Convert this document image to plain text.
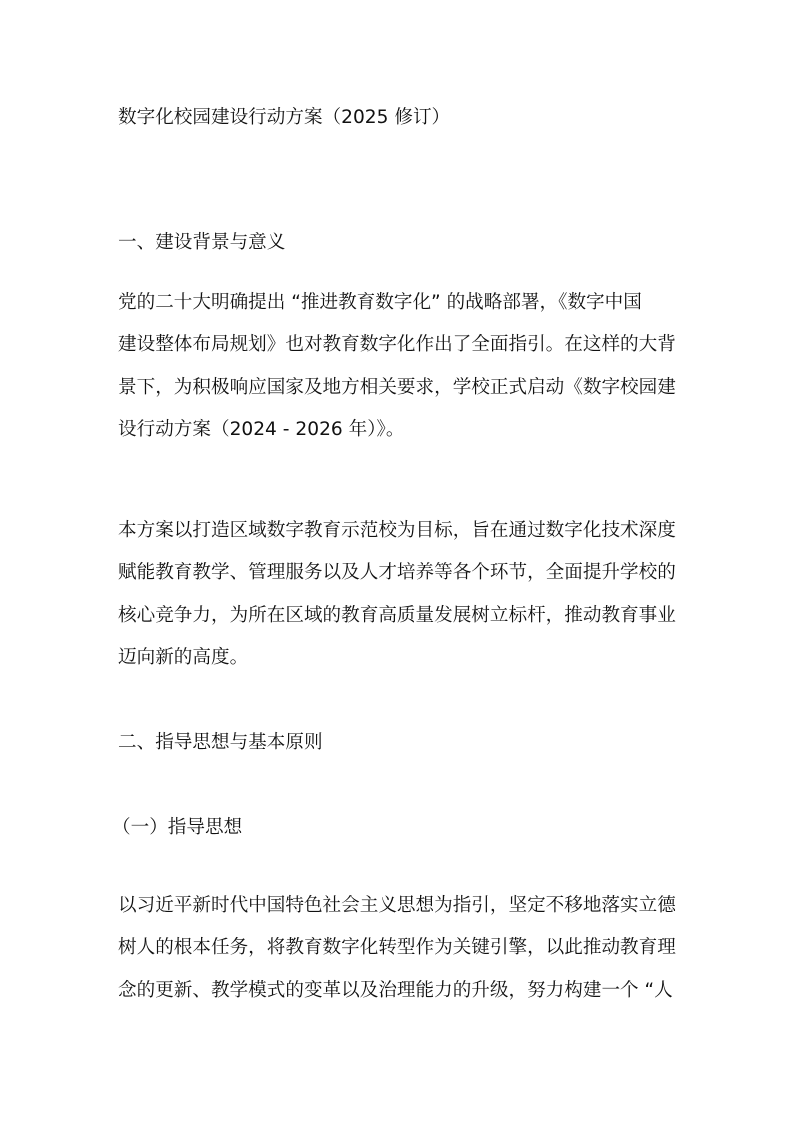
数字化校园建设行动方案（2025 修订）
一、建设背景与意义
党的二十大明确提出 “推进教育数字化” 的战略部署，《数字中国
建设整体布局规划》也对教育数字化作出了全面指引。在这样的大背
景下，为积极响应国家及地方相关要求，学校正式启动《数字校园建
设行动方案（2024 - 2026 年）》。
本方案以打造区域数字教育示范校为目标，旨在通过数字化技术深度
赋能教育教学、管理服务以及人才培养等各个环节，全面提升学校的
核心竞争力，为所在区域的教育高质量发展树立标杆，推动教育事业
迈向新的高度。
二、指导思想与基本原则
（一）指导思想
以习近平新时代中国特色社会主义思想为指引，坚定不移地落实立德
树人的根本任务，将教育数字化转型作为关键引擎，以此推动教育理
念的更新、教学模式的变革以及治理能力的升级，努力构建一个 “人
